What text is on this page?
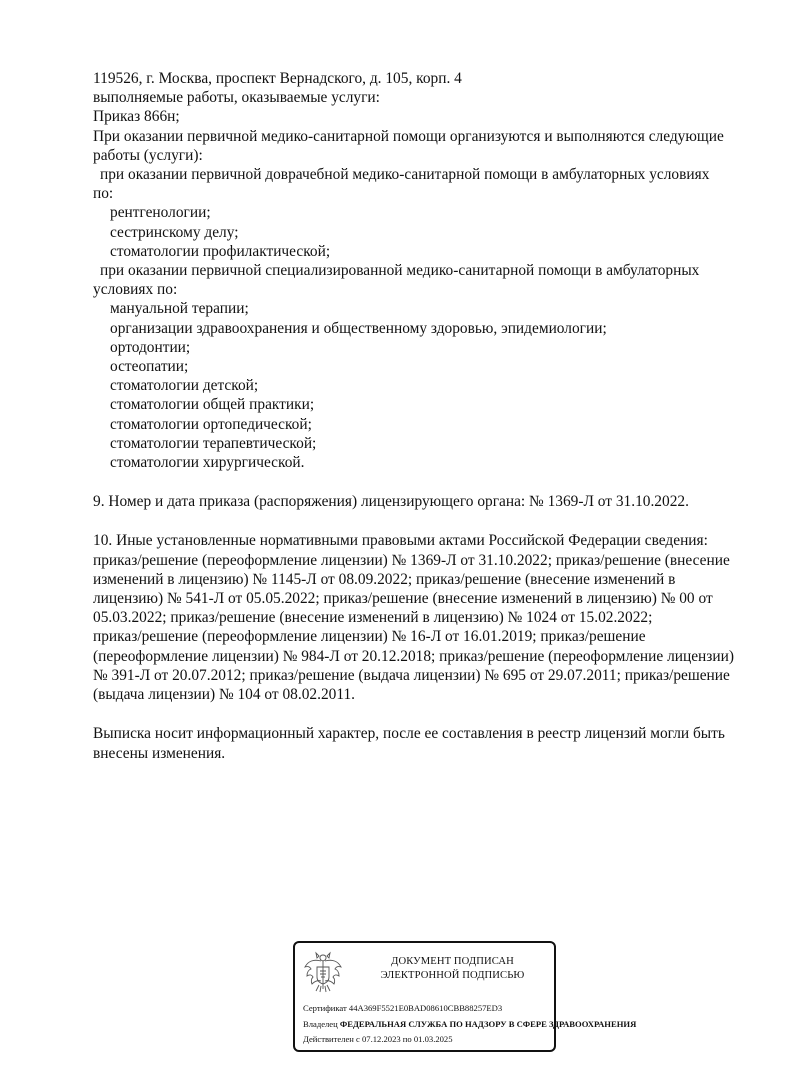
119526, г. Москва, проспект Вернадского, д. 105, корп. 4
выполняемые работы, оказываемые услуги:
Приказ 866н;
При оказании первичной медико-санитарной помощи организуются и выполняются следующие
работы (услуги):
при оказании первичной доврачебной медико-санитарной помощи в амбулаторных условиях
по:
рентгенологии;
сестринскому делу;
стоматологии профилактической;
при оказании первичной специализированной медико-санитарной помощи в амбулаторных
условиях по:
мануальной терапии;
организации здравоохранения и общественному здоровью, эпидемиологии;
ортодонтии;
остеопатии;
стоматологии детской;
стоматологии общей практики;
стоматологии ортопедической;
стоматологии терапевтической;
стоматологии хирургической.
9. Номер и дата приказа (распоряжения) лицензирующего органа: № 1369-Л от 31.10.2022.
10. Иные установленные нормативными правовыми актами Российской Федерации сведения:
приказ/решение (переоформление лицензии) № 1369-Л от 31.10.2022; приказ/решение (внесение
изменений в лицензию) № 1145-Л от 08.09.2022; приказ/решение (внесение изменений в
лицензию) № 541-Л от 05.05.2022; приказ/решение (внесение изменений в лицензию) № 00 от
05.03.2022; приказ/решение (внесение изменений в лицензию) № 1024 от 15.02.2022;
приказ/решение (переоформление лицензии) № 16-Л от 16.01.2019; приказ/решение
(переоформление лицензии) № 984-Л от 20.12.2018; приказ/решение (переоформление лицензии)
№ 391-Л от 20.07.2012; приказ/решение (выдача лицензии) № 695 от 29.07.2011; приказ/решение
(выдача лицензии) № 104 от 08.02.2011.
Выписка носит информационный характер, после ее составления в реестр лицензий могли быть
внесены изменения.
ДОКУМЕНТ ПОДПИСАН
ЭЛЕКТРОННОЙ ПОДПИСЬЮ
Сертификат 44A369F5521E0BAD08610CBB88257ED3
Владелец ФЕДЕРАЛЬНАЯ СЛУЖБА ПО НАДЗОРУ В СФЕРЕ ЗДРАВООХРАНЕНИЯ
Действителен с 07.12.2023 по 01.03.2025
